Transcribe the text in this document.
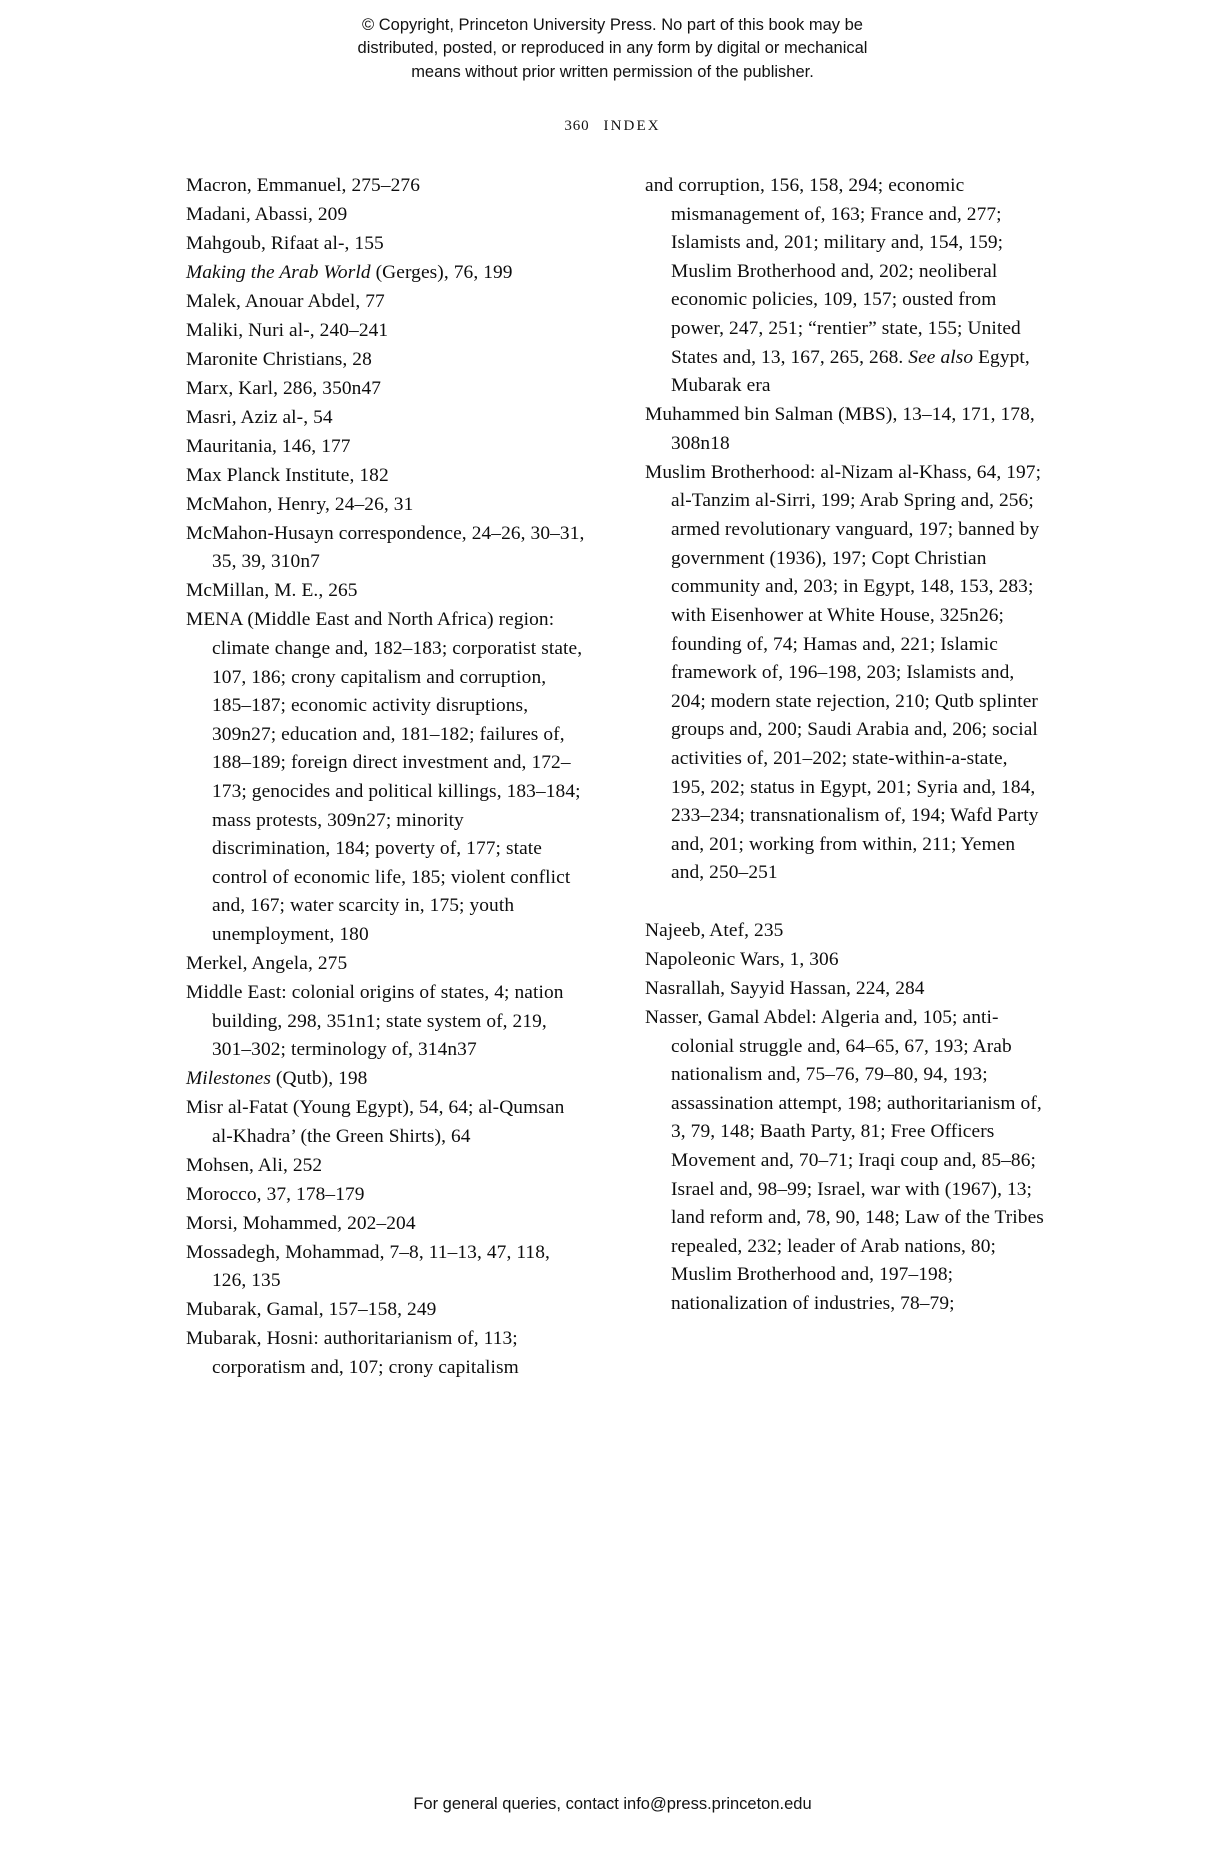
© Copyright, Princeton University Press. No part of this book may be
distributed, posted, or reproduced in any form by digital or mechanical
means without prior written permission of the publisher.
360 INDEX

Macron, Emmanuel, 275–276

Madani, Abassi, 209

Mahgoub, Rifaat al-, 155

Making the Arab World (Gerges), 76, 199

Malek, Anouar Abdel, 77

Maliki, Nuri al-, 240–241

Maronite Christians, 28

Marx, Karl, 286, 350n47

Masri, Aziz al-, 54

Mauritania, 146, 177

Max Planck Institute, 182

McMahon, Henry, 24–26, 31

McMahon-Husayn correspondence, 24–26, 30–31, 35, 39, 310n7

McMillan, M. E., 265

MENA (Middle East and North Africa) region: climate change and, 182–183; corporatist state, 107, 186; crony capitalism and corruption, 185–187; economic activity disruptions, 309n27; education and, 181–182; failures of, 188–189; foreign direct investment and, 172–173; genocides and political killings, 183–184; mass protests, 309n27; minority discrimination, 184; poverty of, 177; state control of economic life, 185; violent conflict and, 167; water scarcity in, 175; youth unemployment, 180

Merkel, Angela, 275

Middle East: colonial origins of states, 4; nation building, 298, 351n1; state system of, 219, 301–302; terminology of, 314n37

Milestones (Qutb), 198

Misr al-Fatat (Young Egypt), 54, 64; al-Qumsan al-Khadra’ (the Green Shirts), 64

Mohsen, Ali, 252

Morocco, 37, 178–179

Morsi, Mohammed, 202–204

Mossadegh, Mohammad, 7–8, 11–13, 47, 118, 126, 135

Mubarak, Gamal, 157–158, 249

Mubarak, Hosni: authoritarianism of, 113; corporatism and, 107; crony capitalism

and corruption, 156, 158, 294; economic mismanagement of, 163; France and, 277; Islamists and, 201; military and, 154, 159; Muslim Brotherhood and, 202; neoliberal economic policies, 109, 157; ousted from power, 247, 251; “rentier” state, 155; United States and, 13, 167, 265, 268. See also Egypt, Mubarak era

Muhammed bin Salman (MBS), 13–14, 171, 178, 308n18

Muslim Brotherhood: al-Nizam al-Khass, 64, 197; al-Tanzim al-Sirri, 199; Arab Spring and, 256; armed revolutionary vanguard, 197; banned by government (1936), 197; Copt Christian community and, 203; in Egypt, 148, 153, 283; with Eisenhower at White House, 325n26; founding of, 74; Hamas and, 221; Islamic framework of, 196–198, 203; Islamists and, 204; modern state rejection, 210; Qutb splinter groups and, 200; Saudi Arabia and, 206; social activities of, 201–202; state-within-a-state, 195, 202; status in Egypt, 201; Syria and, 184, 233–234; transnationalism of, 194; Wafd Party and, 201; working from within, 211; Yemen and, 250–251

Najeeb, Atef, 235

Napoleonic Wars, 1, 306

Nasrallah, Sayyid Hassan, 224, 284

Nasser, Gamal Abdel: Algeria and, 105; anti-colonial struggle and, 64–65, 67, 193; Arab nationalism and, 75–76, 79–80, 94, 193; assassination attempt, 198; authoritarianism of, 3, 79, 148; Baath Party, 81; Free Officers Movement and, 70–71; Iraqi coup and, 85–86; Israel and, 98–99; Israel, war with (1967), 13; land reform and, 78, 90, 148; Law of the Tribes repealed, 232; leader of Arab nations, 80; Muslim Brotherhood and, 197–198; nationalization of industries, 78–79;

For general queries, contact info@press.princeton.edu
